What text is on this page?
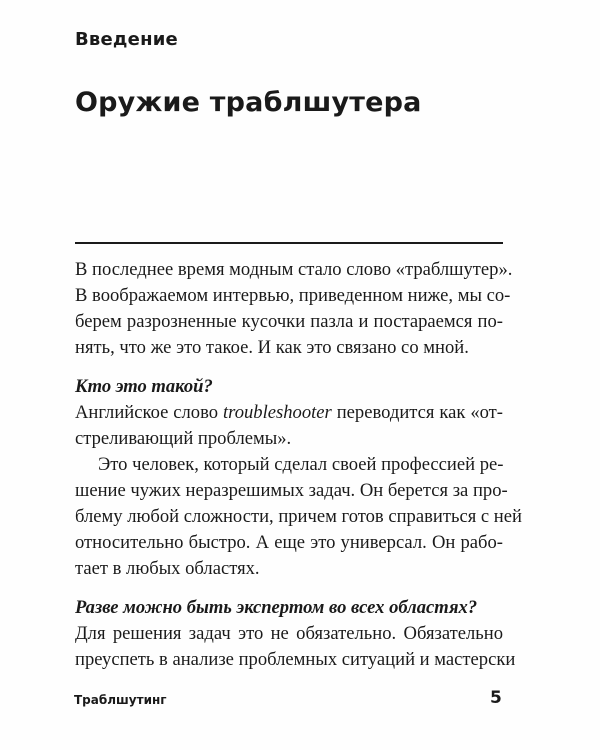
Введение
Оружие траблшутера
В последнее время модным стало слово «траблшутер».
В воображаемом интервью, приведенном ниже, мы со-
берем разрозненные кусочки пазла и постараемся по-
нять, что же это такое. И как это связано со мной.
Кто это такой?
Английское слово troubleshooter переводится как «от-
стреливающий проблемы».
Это человек, который сделал своей профессией ре-
шение чужих неразрешимых задач. Он берется за про-
блему любой сложности, причем готов справиться с ней
относительно быстро. А еще это универсал. Он рабо-
тает в любых областях.
Разве можно быть экспертом во всех областях?
Для решения задач это не обязательно. Обязательно
преуспеть в анализе проблемных ситуаций и мастерски
Траблшутинг	5
